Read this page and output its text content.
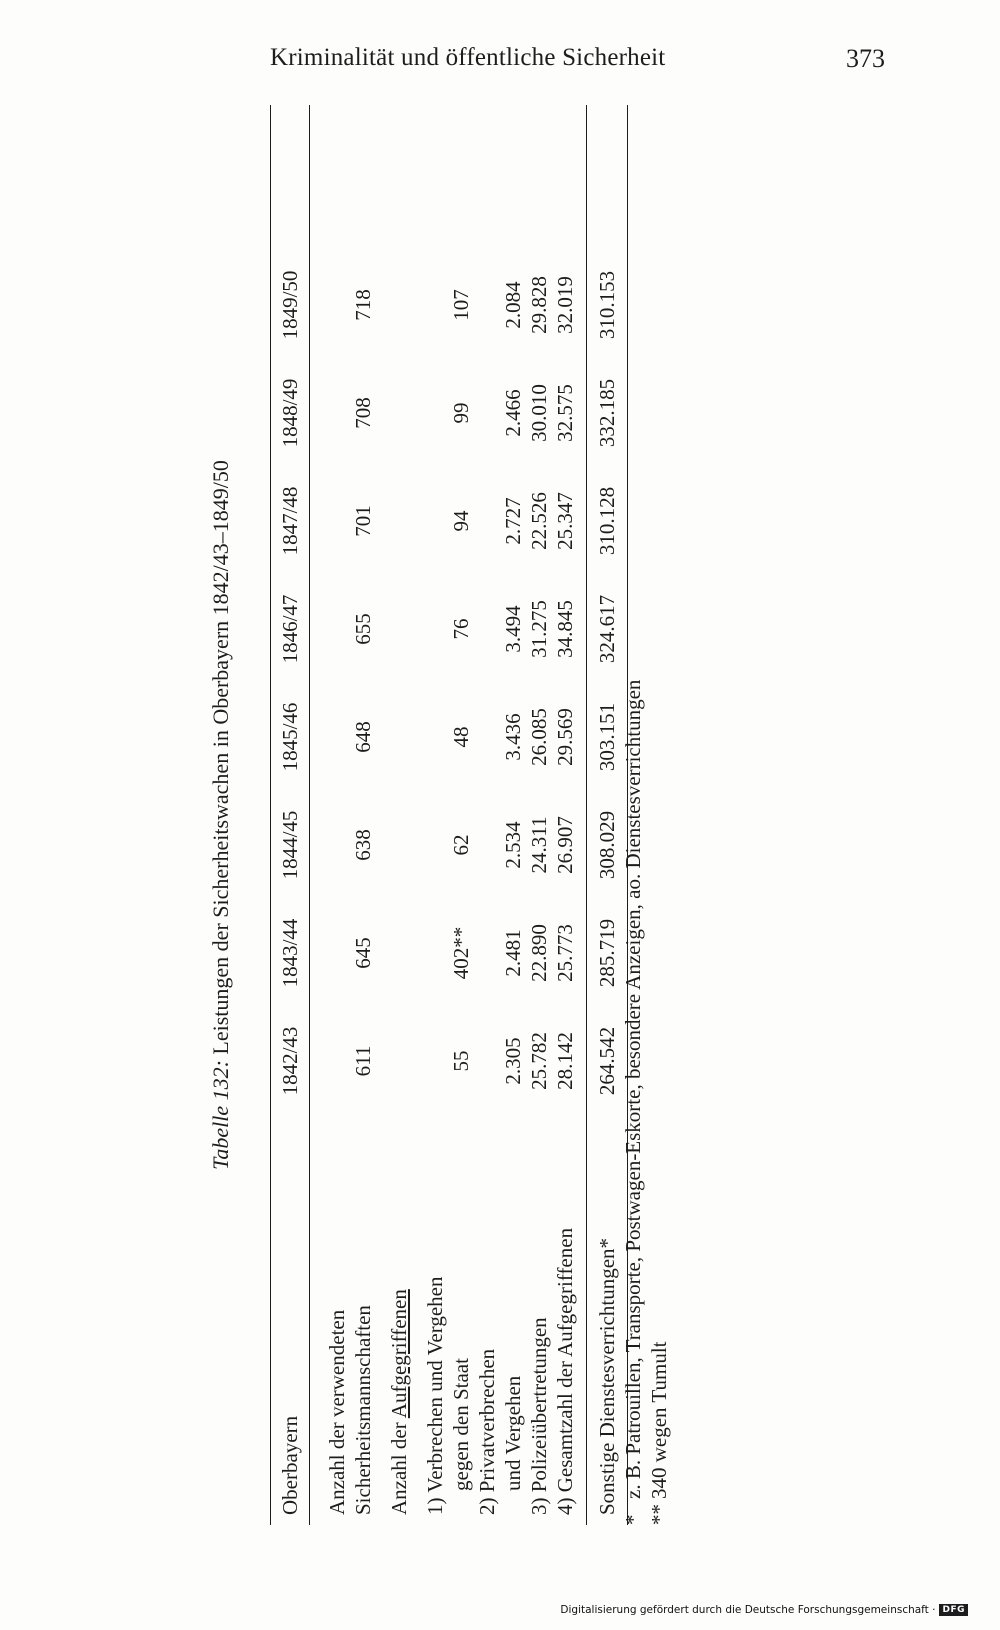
Kriminalität und öffentliche Sicherheit	373
Tabelle 132: Leistungen der Sicherheitswachen in Oberbayern 1842/43–1849/50
Oberbayern
1842/43
1843/44
1844/45
1845/46
1846/47
1847/48
1848/49
1849/50
Anzahl der verwendeten Sicherheitsmannschaften
611
645
638
648
655
701
708
718
Anzahl der Aufgegriffenen 1) Verbrechen und Vergehen gegen den Staat
55
402**
62
48
76
94
99
107
2) Privatverbrechen und Vergehen
2.305
2.481
2.534
3.436
3.494
2.727
2.466
2.084
3) Polizeiübertretungen
25.782
22.890
24.311
26.085
31.275
22.526
30.010
29.828
4) Gesamtzahl der Aufgegriffenen
28.142
25.773
26.907
29.569
34.845
25.347
32.575
32.019
Sonstige Dienstesverrichtungen*
264.542
285.719
308.029
303.151
324.617
310.128
332.185
310.153
*z. B. Patrouillen, Transporte, Postwagen-Eskorte, besondere Anzeigen, ao. Dienstesverrichtungen
**340 wegen Tumult
Digitalisierung gefördert durch die Deutsche Forschungsgemeinschaft · DFG
